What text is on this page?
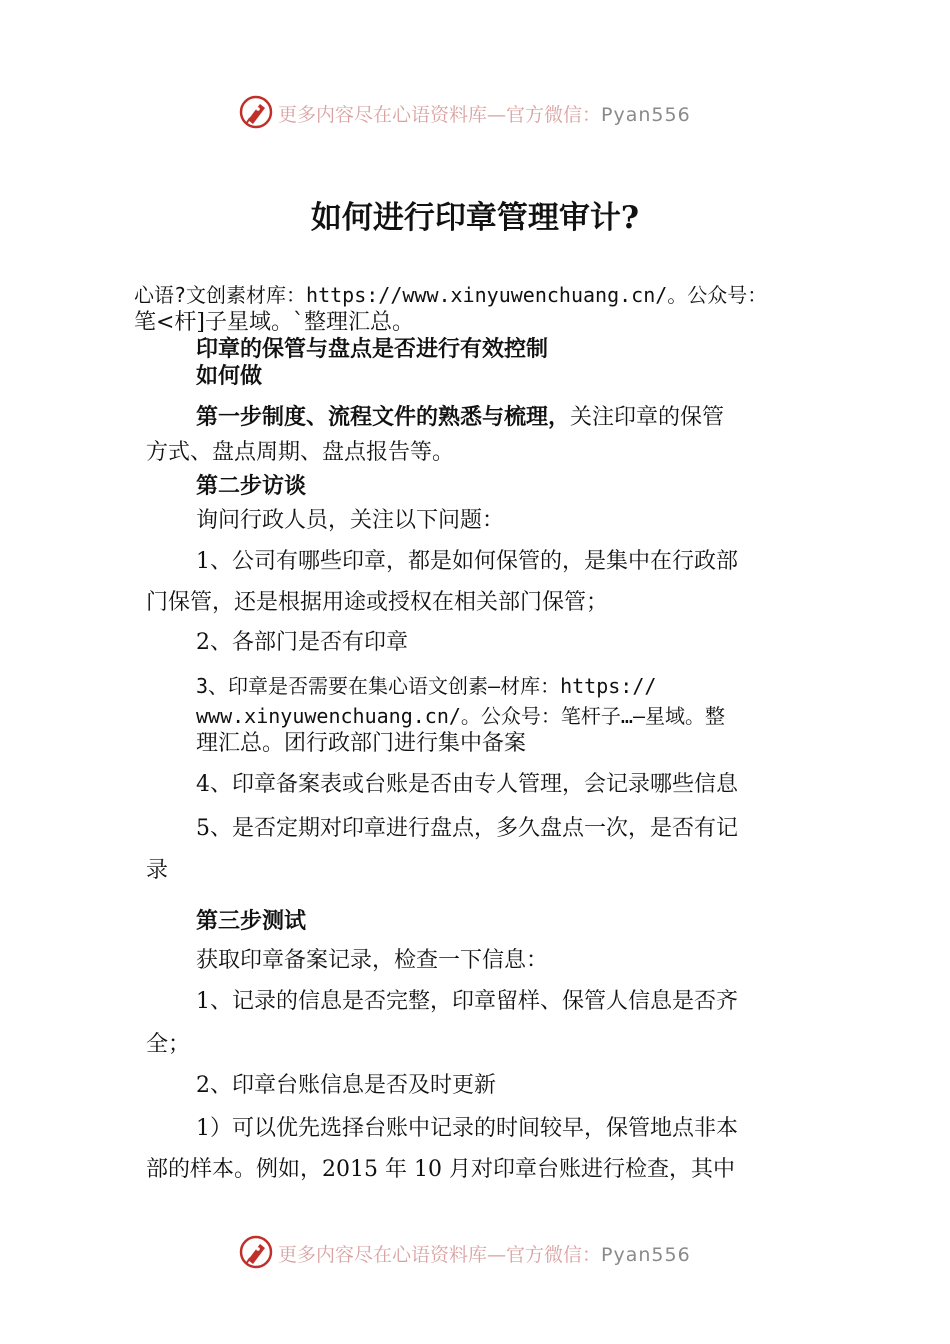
更多内容尽在心语资料库—官方微信：Pyan556
如何进行印章管理审计?
心语?文创素材库：https://www.xinyuwenchuang.cn/。公众号：
笔<杆]子星域。`整理汇总。
印章的保管与盘点是否进行有效控制
如何做
第一步制度、流程文件的熟悉与梳理，关注印章的保管
方式、盘点周期、盘点报告等。
第二步访谈
询问行政人员，关注以下问题：
1、公司有哪些印章，都是如何保管的，是集中在行政部
门保管，还是根据用途或授权在相关部门保管；
2、各部门是否有印章
3、印章是否需要在集心语文创素—材库：https://
www.xinyuwenchuang.cn/。公众号：笔杆子…—星域。整
理汇总。团行政部门进行集中备案
4、印章备案表或台账是否由专人管理，会记录哪些信息
5、是否定期对印章进行盘点，多久盘点一次，是否有记
录
第三步测试
获取印章备案记录，检查一下信息：
1、记录的信息是否完整，印章留样、保管人信息是否齐
全；
2、印章台账信息是否及时更新
1）可以优先选择台账中记录的时间较早，保管地点非本
部的样本。例如，2015 年 10 月对印章台账进行检查，其中
更多内容尽在心语资料库—官方微信：Pyan556
